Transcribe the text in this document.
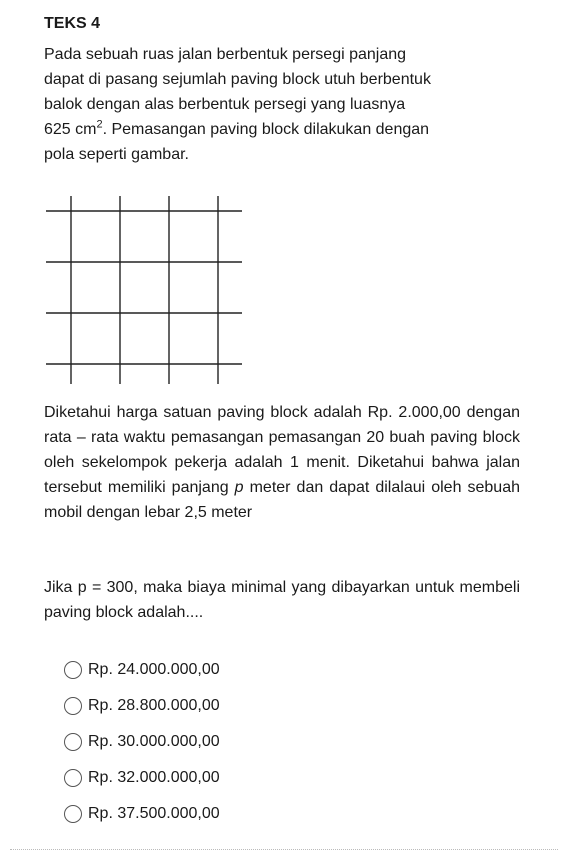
TEKS 4
Pada sebuah ruas jalan berbentuk persegi panjang
dapat di pasang sejumlah paving block utuh berbentuk
balok dengan alas berbentuk persegi yang luasnya
625 $cm^2$. Pemasangan paving block dilakukan dengan
pola seperti gambar.
Diketahui harga satuan paving block adalah Rp. 2.000,00 dengan rata – rata waktu pemasangan pemasangan 20 buah paving block oleh sekelompok pekerja adalah 1 menit. Diketahui bahwa jalan tersebut memiliki panjang p meter dan dapat dilalaui oleh sebuah mobil dengan lebar 2,5 meter
Jika p = 300, maka biaya minimal yang dibayarkan untuk membeli paving block adalah....
Rp. 24.000.000,00
Rp. 28.800.000,00
Rp. 30.000.000,00
Rp. 32.000.000,00
Rp. 37.500.000,00
